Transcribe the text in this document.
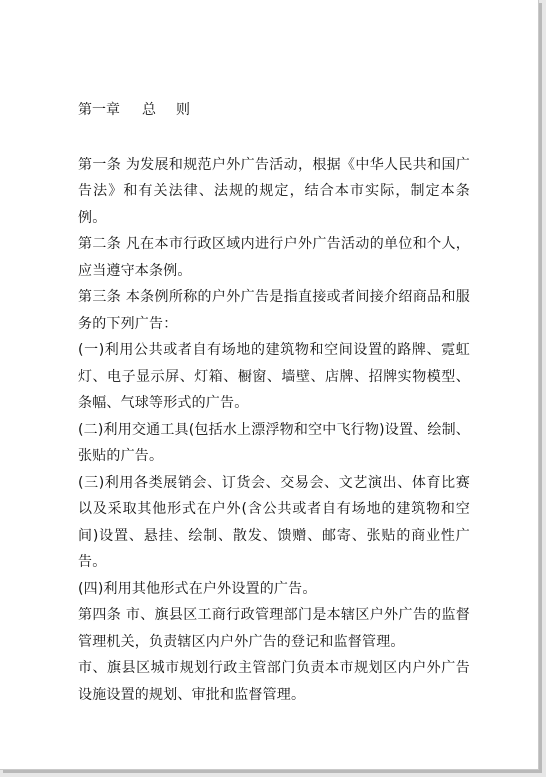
第一章 总 则

第一条 为发展和规范户外广告活动，根据《中华人民共和国广告法》和有关法律、法规的规定，结合本市实际，制定本条例。

第二条 凡在本市行政区域内进行户外广告活动的单位和个人，应当遵守本条例。

第三条 本条例所称的户外广告是指直接或者间接介绍商品和服务的下列广告：

(一)利用公共或者自有场地的建筑物和空间设置的路牌、霓虹灯、电子显示屏、灯箱、橱窗、墙壁、店牌、招牌实物模型、条幅、气球等形式的广告。

(二)利用交通工具(包括水上漂浮物和空中飞行物)设置、绘制、张贴的广告。

(三)利用各类展销会、订货会、交易会、文艺演出、体育比赛以及采取其他形式在户外(含公共或者自有场地的建筑物和空间)设置、悬挂、绘制、散发、馈赠、邮寄、张贴的商业性广告。

(四)利用其他形式在户外设置的广告。

第四条 市、旗县区工商行政管理部门是本辖区户外广告的监督管理机关，负责辖区内户外广告的登记和监督管理。

市、旗县区城市规划行政主管部门负责本市规划区内户外广告设施设置的规划、审批和监督管理。
